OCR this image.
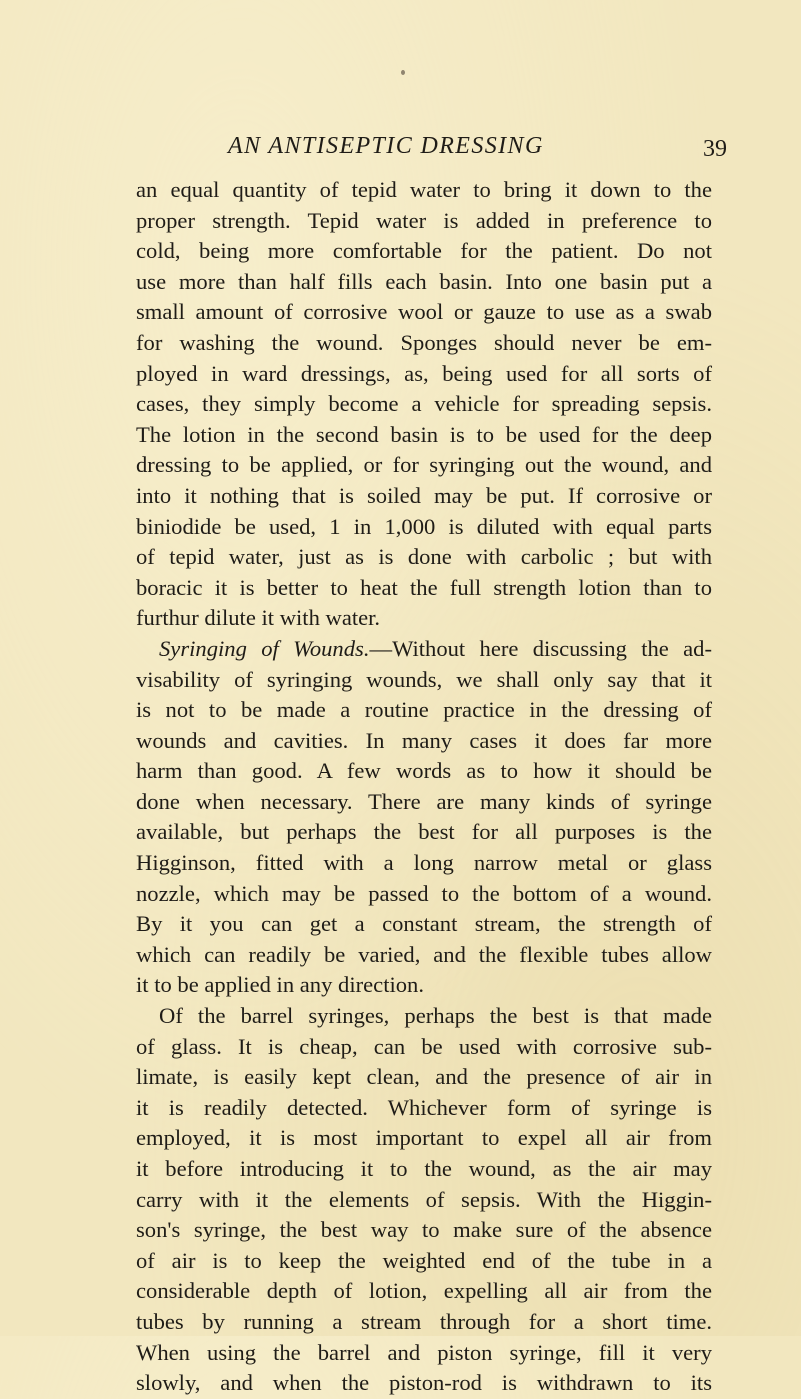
AN ANTISEPTIC DRESSING	39
an equal quantity of tepid water to bring it down to the
proper strength. Tepid water is added in preference to
cold, being more comfortable for the patient. Do not
use more than half fills each basin. Into one basin put a
small amount of corrosive wool or gauze to use as a swab
for washing the wound. Sponges should never be em-
ployed in ward dressings, as, being used for all sorts of
cases, they simply become a vehicle for spreading sepsis.
The lotion in the second basin is to be used for the deep
dressing to be applied, or for syringing out the wound, and
into it nothing that is soiled may be put. If corrosive or
biniodide be used, 1 in 1,000 is diluted with equal parts
of tepid water, just as is done with carbolic ; but with
boracic it is better to heat the full strength lotion than to
furthur dilute it with water.
Syringing of Wounds.—Without here discussing the ad-
visability of syringing wounds, we shall only say that it
is not to be made a routine practice in the dressing of
wounds and cavities. In many cases it does far more
harm than good. A few words as to how it should be
done when necessary. There are many kinds of syringe
available, but perhaps the best for all purposes is the
Higginson, fitted with a long narrow metal or glass
nozzle, which may be passed to the bottom of a wound.
By it you can get a constant stream, the strength of
which can readily be varied, and the flexible tubes allow
it to be applied in any direction.
Of the barrel syringes, perhaps the best is that made
of glass. It is cheap, can be used with corrosive sub-
limate, is easily kept clean, and the presence of air in
it is readily detected. Whichever form of syringe is
employed, it is most important to expel all air from
it before introducing it to the wound, as the air may
carry with it the elements of sepsis. With the Higgin-
son's syringe, the best way to make sure of the absence
of air is to keep the weighted end of the tube in a
considerable depth of lotion, expelling all air from the
tubes by running a stream through for a short time.
When using the barrel and piston syringe, fill it very
slowly, and when the piston-rod is withdrawn to its
